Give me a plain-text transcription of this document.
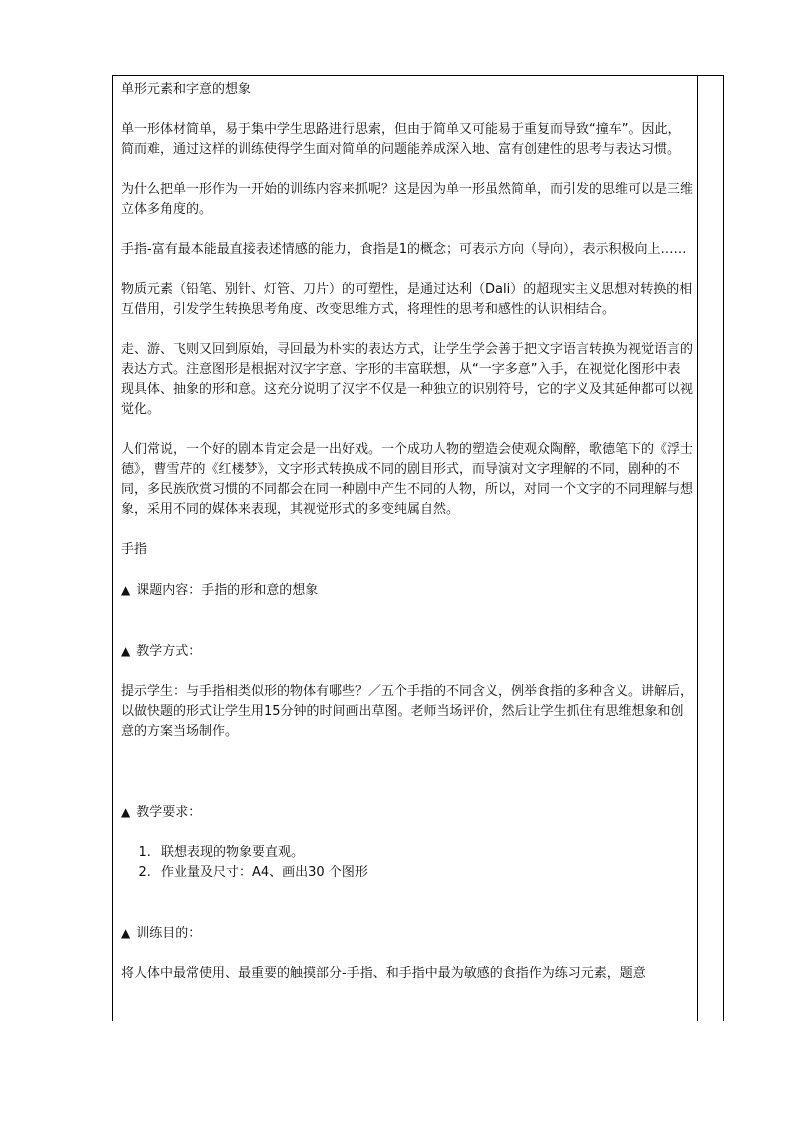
单形元素和字意的想象

单一形体材简单，易于集中学生思路进行思索，但由于简单又可能易于重复而导致“撞车”。因此，简而难，通过这样的训练使得学生面对简单的问题能养成深入地、富有创建性的思考与表达习惯。

为什么把单一形作为一开始的训练内容来抓呢？这是因为单一形虽然简单，而引发的思维可以是三维立体多角度的。

手指-富有最本能最直接表述情感的能力，食指是1的概念；可表示方向（导向），表示积极向上……

物质元素（铅笔、别针、灯管、刀片）的可塑性，是通过达利（Dali）的超现实主义思想对转换的相互借用，引发学生转换思考角度、改变思维方式，将理性的思考和感性的认识相结合。

走、游、飞则又回到原始，寻回最为朴实的表达方式，让学生学会善于把文字语言转换为视觉语言的表达方式。注意图形是根据对汉字字意、字形的丰富联想，从“一字多意”入手，在视觉化图形中表现具体、抽象的形和意。这充分说明了汉字不仅是一种独立的识别符号，它的字义及其延伸都可以视觉化。

人们常说，一个好的剧本肯定会是一出好戏。一个成功人物的塑造会使观众陶醉，歌德笔下的《浮士德》，曹雪芹的《红楼梦》，文字形式转换成不同的剧目形式，而导演对文字理解的不同，剧种的不同，多民族欣赏习惯的不同都会在同一种剧中产生不同的人物，所以，对同一个文字的不同理解与想象，采用不同的媒体来表现，其视觉形式的多变纯属自然。

手指

▲ 课题内容：手指的形和意的想象

▲ 教学方式：

提示学生：与手指相类似形的物体有哪些？／五个手指的不同含义，例举食指的多种含义。讲解后，以做快题的形式让学生用15分钟的时间画出草图。老师当场评价，然后让学生抓住有思维想象和创意的方案当场制作。

▲ 教学要求：

1. 联想表现的物象要直观。
2. 作业量及尺寸：A4、画出30 个图形

▲ 训练目的：

将人体中最常使用、最重要的触摸部分-手指、和手指中最为敏感的食指作为练习元素，题意
